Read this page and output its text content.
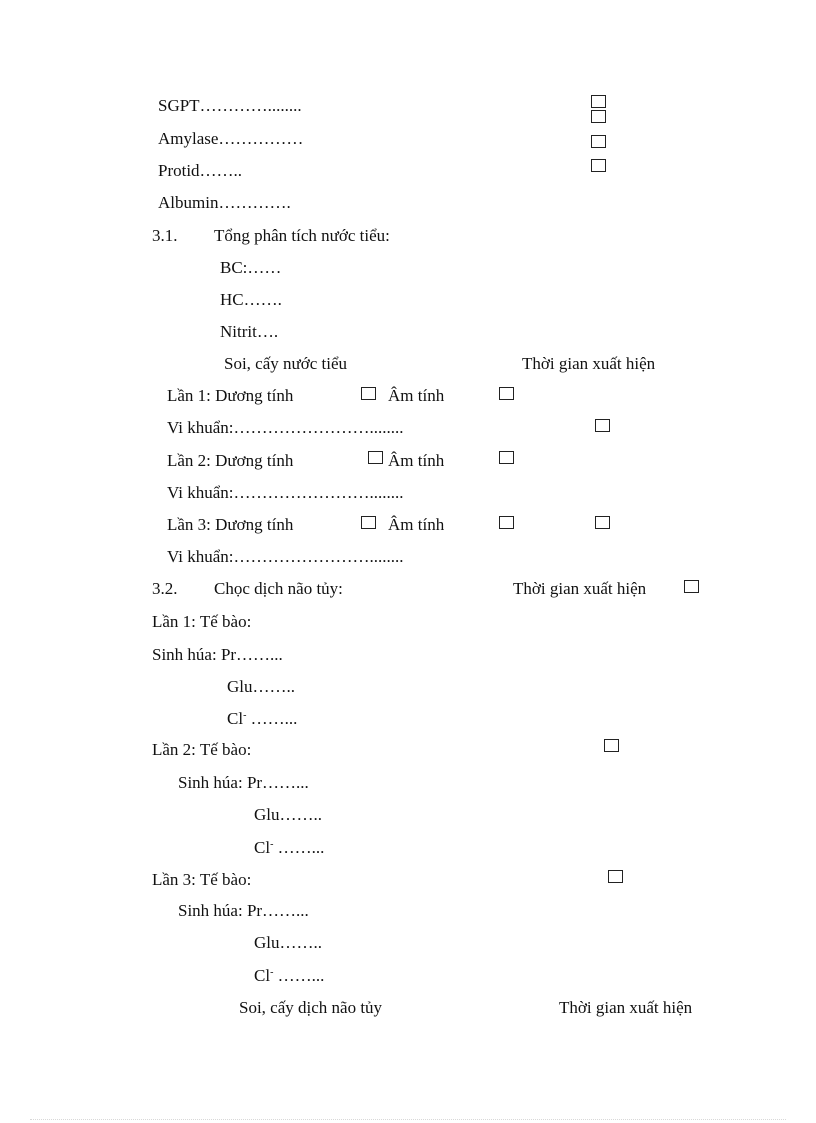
SGPT…………........
Amylase……………
Protid……..
Albumin………….
3.1. Tổng phân tích nước tiểu:
BC:……
HC…….
Nitrit….
Soi, cấy nước tiểu	Thời gian xuất hiện
Lần 1: Dương tính	Âm tính
Vi khuẩn:……………………........
Lần 2: Dương tính	Âm tính
Vi khuẩn:……………………........
Lần 3: Dương tính	Âm tính
Vi khuẩn:……………………........
3.2. Chọc dịch não tủy:	Thời gian xuất hiện
Lần 1: Tế bào:
Sinh húa: Pr……...
Glu……..
Cl- ……...
Lần 2: Tế bào:
Sinh húa: Pr……...
Glu……..
Cl- ……...
Lần 3: Tế bào:
Sinh húa: Pr……...
Glu……..
Cl- ……...
Soi, cấy dịch não tủy	Thời gian xuất hiện
